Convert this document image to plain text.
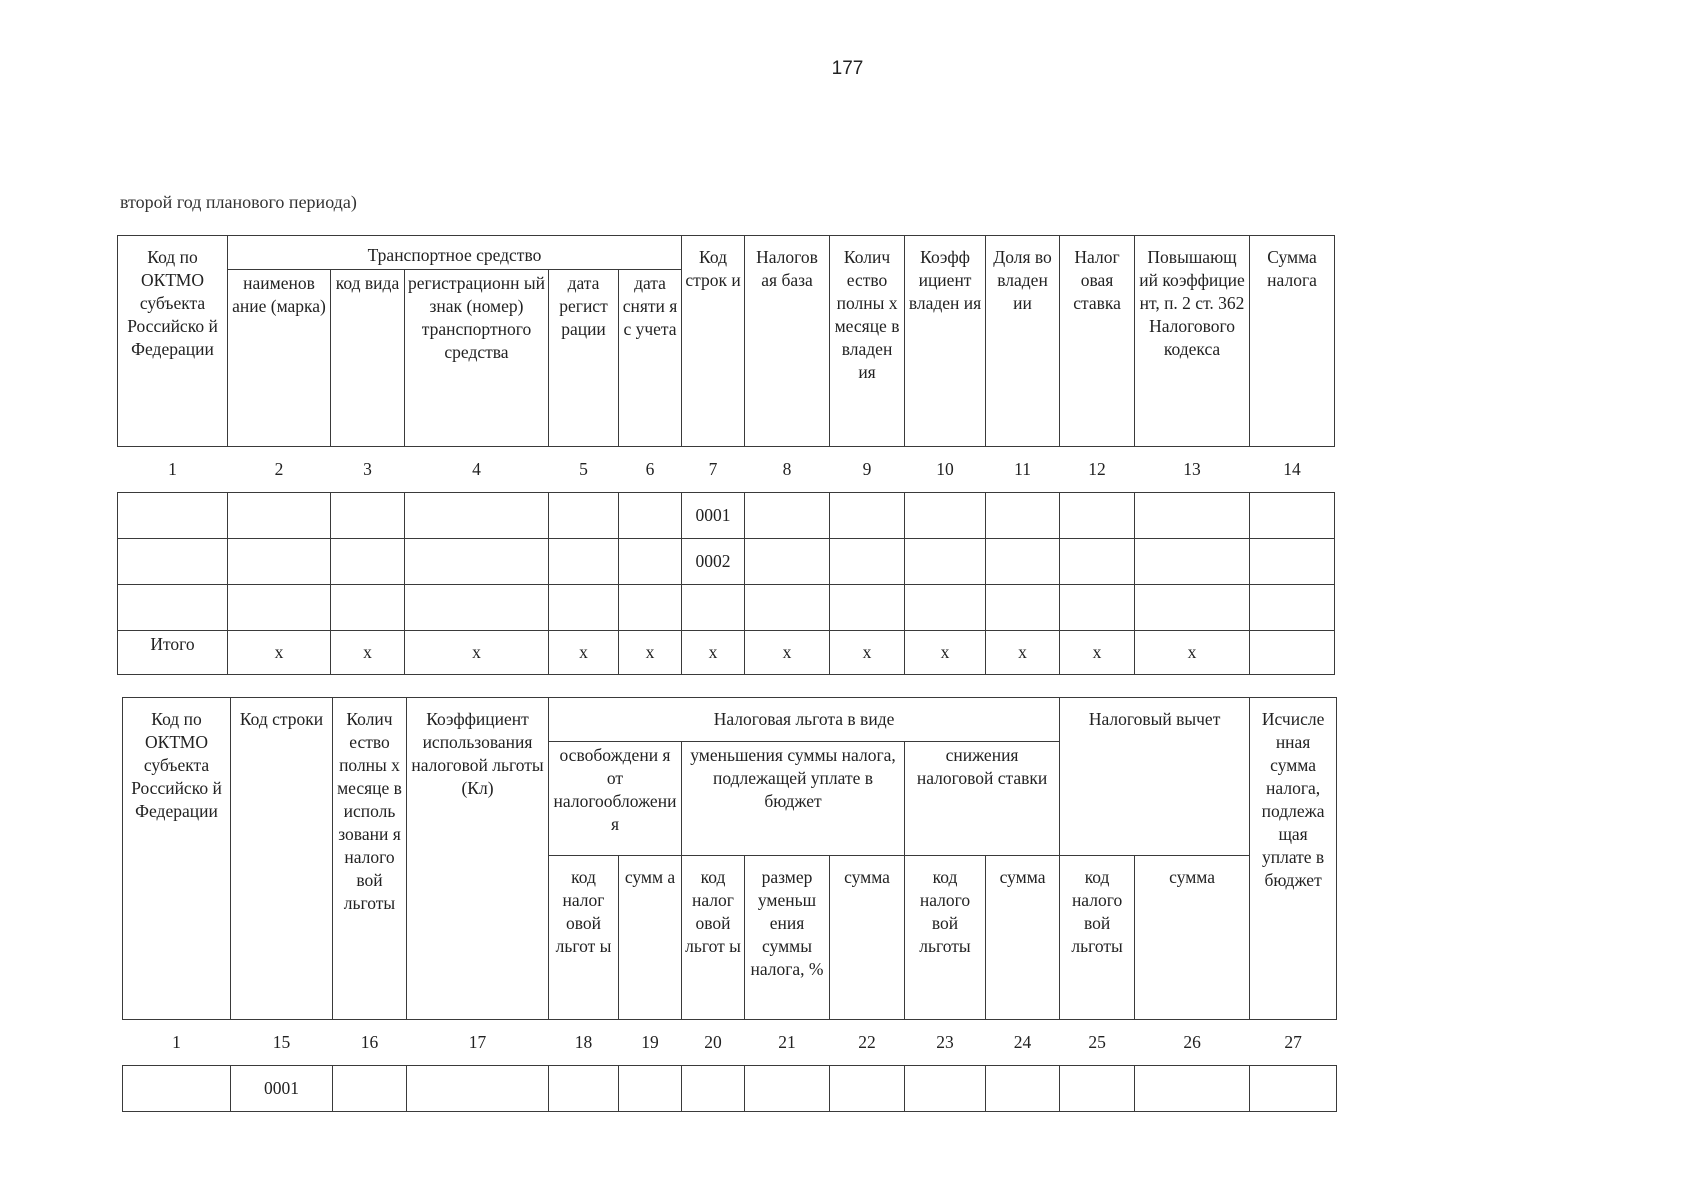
177
второй год планового периода)
Код по ОКТМО субъекта Российско й Федерации	Транспортное средство					Код строк и	Налогов ая база	Колич ество полны х месяце в владен ия	Коэфф ициент владен ия	Доля во владен ии	Налог овая ставка	Повышающ ий коэффицие нт, п. 2 ст. 362 Налогового кодекса	Сумма налога
	наименов ание (марка)	код вида	регистрационн ый знак (номер) транспортного средства	дата регист рации	дата сняти я с учета								
1	2	3	4	5	6	7	8	9	10	11	12	13	14
						0001							
						0002							

Итого	x	x	x	x	x	x	x	x	x	x	x	x	
Код по ОКТМО субъекта Российско й Федерации	Код строки	Колич ество полны х месяце в исполь зовани я налого вой льготы	Коэффициент использования налоговой льготы (Кл)	Налоговая льгота в виде							Налоговый вычет		Исчисле нная сумма налога, подлежа щая уплате в бюджет
				освобождени я от налогообложения		уменьшения суммы налога, подлежащей уплате в бюджет			снижения налоговой ставки				
				код налог овой льгот ы	сумм а	код налог овой льгот ы	размер уменьш ения суммы налога, %	сумма	код налого вой льготы	сумма	код налого вой льготы	сумма	
1	15	16	17	18	19	20	21	22	23	24	25	26	27
	0001												
